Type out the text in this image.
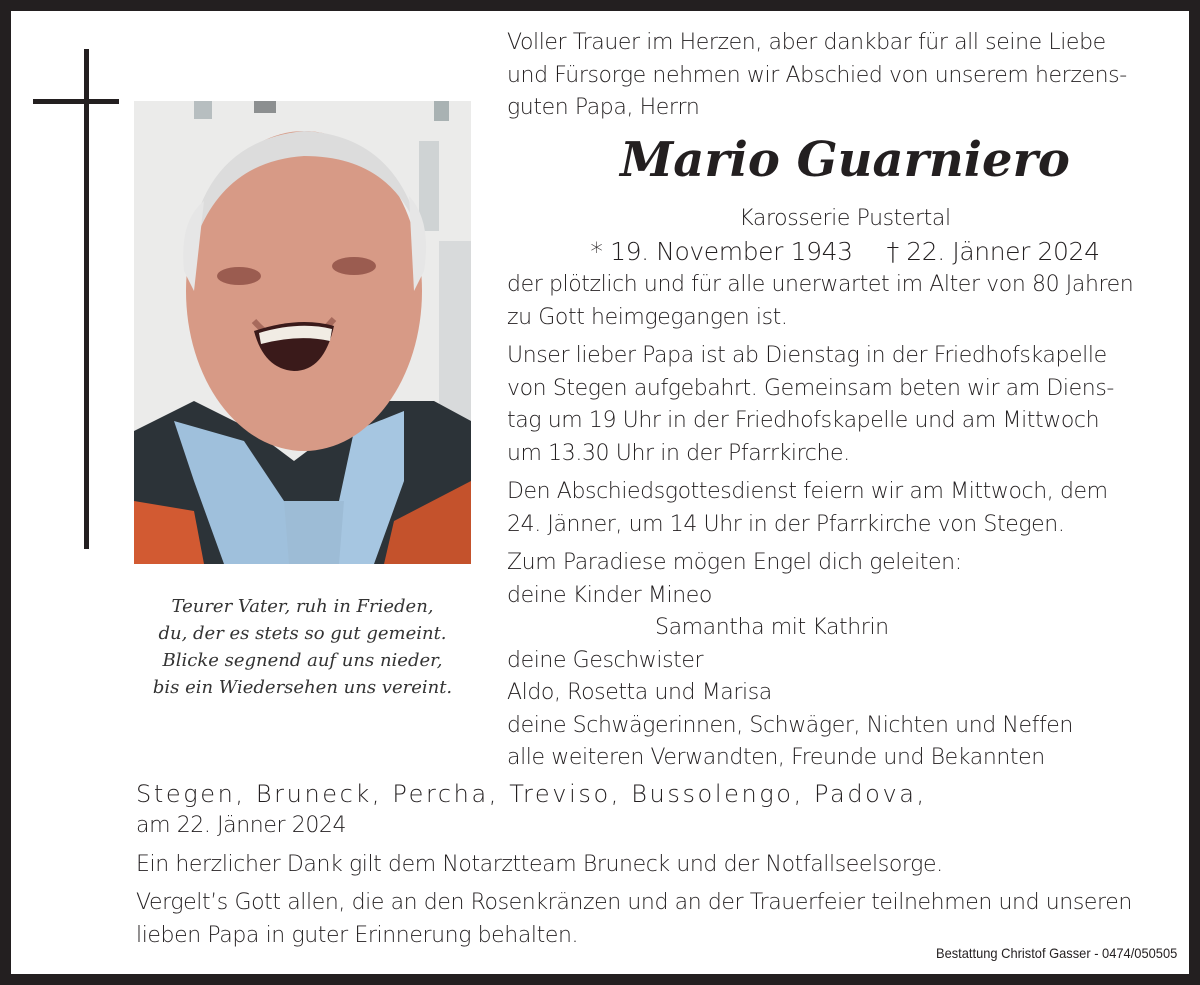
Teurer Vater, ruh in Frieden,
du, der es stets so gut gemeint.
Blicke segnend auf uns nieder,
bis ein Wiedersehen uns vereint.
Voller Trauer im Herzen, aber dankbar für all seine Liebe
und Fürsorge nehmen wir Abschied von unserem herzens-
guten Papa, Herrn
Mario Guarniero
Karosserie Pustertal
* 19. November 1943 † 22. Jänner 2024
der plötzlich und für alle unerwartet im Alter von 80 Jahren
zu Gott heimgegangen ist.
Unser lieber Papa ist ab Dienstag in der Friedhofskapelle
von Stegen aufgebahrt. Gemeinsam beten wir am Diens-
tag um 19 Uhr in der Friedhofskapelle und am Mittwoch
um 13.30 Uhr in der Pfarrkirche.
Den Abschiedsgottesdienst feiern wir am Mittwoch, dem
24. Jänner, um 14 Uhr in der Pfarrkirche von Stegen.
Zum Paradiese mögen Engel dich geleiten:
deine Kinder Mineo
Samantha mit Kathrin
deine Geschwister
Aldo, Rosetta und Marisa
deine Schwägerinnen, Schwäger, Nichten und Neffen
alle weiteren Verwandten, Freunde und Bekannten
Stegen, Bruneck, Percha, Treviso, Bussolengo, Padova,
am 22. Jänner 2024
Ein herzlicher Dank gilt dem Notarztteam Bruneck und der Notfallseelsorge.
Vergelt’s Gott allen, die an den Rosenkränzen und an der Trauerfeier teilnehmen und unseren
lieben Papa in guter Erinnerung behalten.
Bestattung Christof Gasser - 0474/050505
